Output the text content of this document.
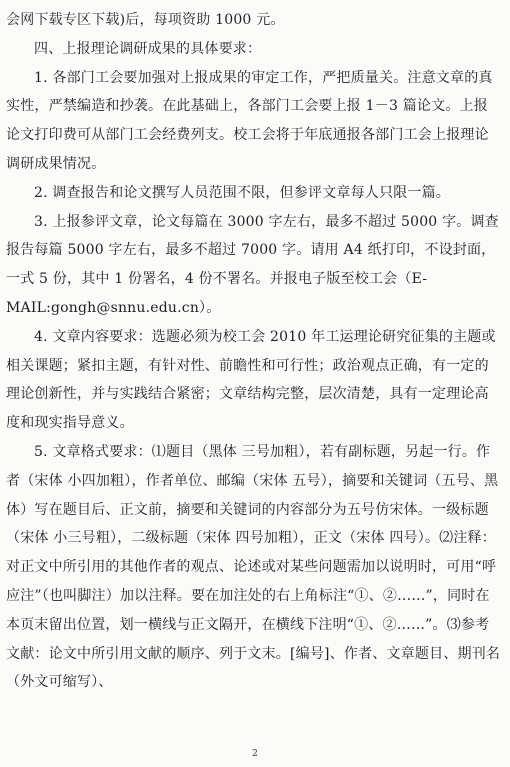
会网下载专区下载)后，每项资助 1000 元。

四、上报理论调研成果的具体要求：

1. 各部门工会要加强对上报成果的审定工作，严把质量关。注意文章的真实性，严禁编造和抄袭。在此基础上，各部门工会要上报 1－3 篇论文。上报论文打印费可从部门工会经费列支。校工会将于年底通报各部门工会上报理论调研成果情况。

2. 调查报告和论文撰写人员范围不限，但参评文章每人只限一篇。

3. 上报参评文章，论文每篇在 3000 字左右，最多不超过 5000 字。调查报告每篇 5000 字左右，最多不超过 7000 字。请用 A4 纸打印，不设封面，一式 5 份，其中 1 份署名，4 份不署名。并报电子版至校工会（E-MAIL:gongh@snnu.edu.cn）。

4. 文章内容要求：选题必须为校工会 2010 年工运理论研究征集的主题或相关课题；紧扣主题，有针对性、前瞻性和可行性；政治观点正确，有一定的理论创新性，并与实践结合紧密；文章结构完整，层次清楚，具有一定理论高度和现实指导意义。

5. 文章格式要求：⑴题目（黑体 三号加粗），若有副标题，另起一行。作者（宋体 小四加粗），作者单位、邮编（宋体 五号），摘要和关键词（五号、黑体）写在题目后、正文前，摘要和关键词的内容部分为五号仿宋体。一级标题（宋体 小三号粗），二级标题（宋体 四号加粗），正文（宋体 四号）。⑵注释：对正文中所引用的其他作者的观点、论述或对某些问题需加以说明时，可用“呼应注”（也叫脚注）加以注释。要在加注处的右上角标注“①、②……”，同时在本页末留出位置，划一横线与正文隔开，在横线下注明“①、②……”。⑶参考文献：论文中所引用文献的顺序、列于文末。[编号]、作者、文章题目、期刊名（外文可缩写）、

2
